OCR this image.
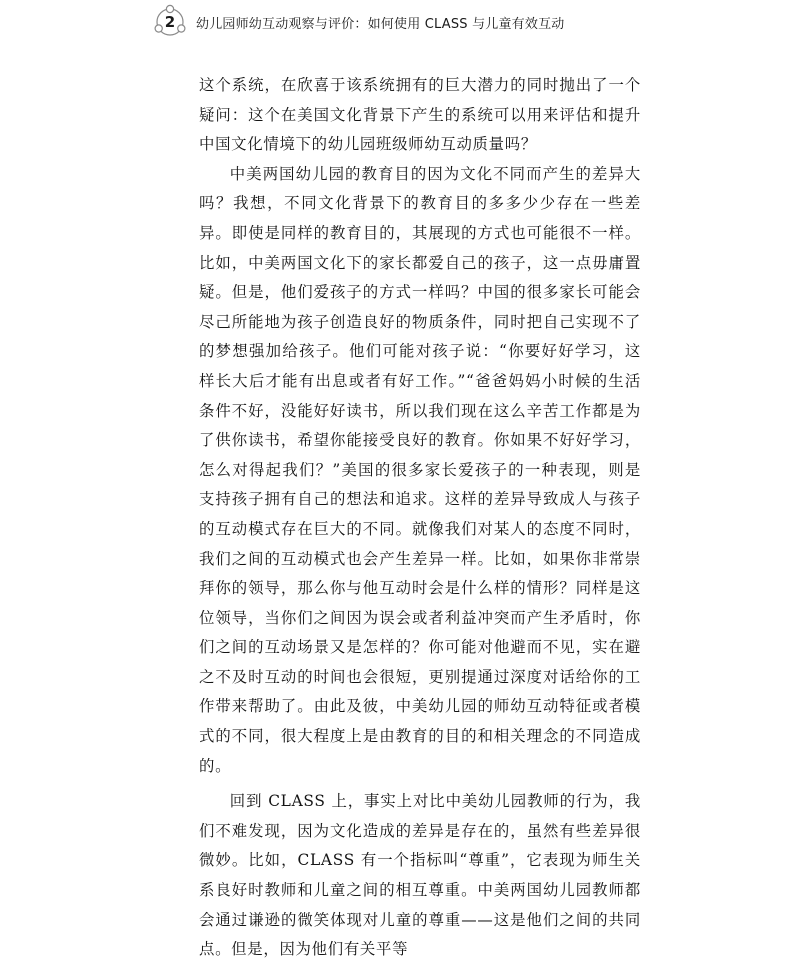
2	幼儿园师幼互动观察与评价：如何使用 CLASS 与儿童有效互动

这个系统，在欣喜于该系统拥有的巨大潜力的同时抛出了一个疑问：这个在美国文化背景下产生的系统可以用来评估和提升中国文化情境下的幼儿园班级师幼互动质量吗？

中美两国幼儿园的教育目的因为文化不同而产生的差异大吗？我想，不同文化背景下的教育目的多多少少存在一些差异。即使是同样的教育目的，其展现的方式也可能很不一样。比如，中美两国文化下的家长都爱自己的孩子，这一点毋庸置疑。但是，他们爱孩子的方式一样吗？中国的很多家长可能会尽己所能地为孩子创造良好的物质条件，同时把自己实现不了的梦想强加给孩子。他们可能对孩子说：“你要好好学习，这样长大后才能有出息或者有好工作。”“爸爸妈妈小时候的生活条件不好，没能好好读书，所以我们现在这么辛苦工作都是为了供你读书，希望你能接受良好的教育。你如果不好好学习，怎么对得起我们？”美国的很多家长爱孩子的一种表现，则是支持孩子拥有自己的想法和追求。这样的差异导致成人与孩子的互动模式存在巨大的不同。就像我们对某人的态度不同时，我们之间的互动模式也会产生差异一样。比如，如果你非常崇拜你的领导，那么你与他互动时会是什么样的情形？同样是这位领导，当你们之间因为误会或者利益冲突而产生矛盾时，你们之间的互动场景又是怎样的？你可能对他避而不见，实在避之不及时互动的时间也会很短，更别提通过深度对话给你的工作带来帮助了。由此及彼，中美幼儿园的师幼互动特征或者模式的不同，很大程度上是由教育的目的和相关理念的不同造成的。

回到 CLASS 上，事实上对比中美幼儿园教师的行为，我们不难发现，因为文化造成的差异是存在的，虽然有些差异很微妙。比如，CLASS 有一个指标叫“尊重”，它表现为师生关系良好时教师和儿童之间的相互尊重。中美两国幼儿园教师都会通过谦逊的微笑体现对儿童的尊重——这是他们之间的共同点。但是，因为他们有关平等
